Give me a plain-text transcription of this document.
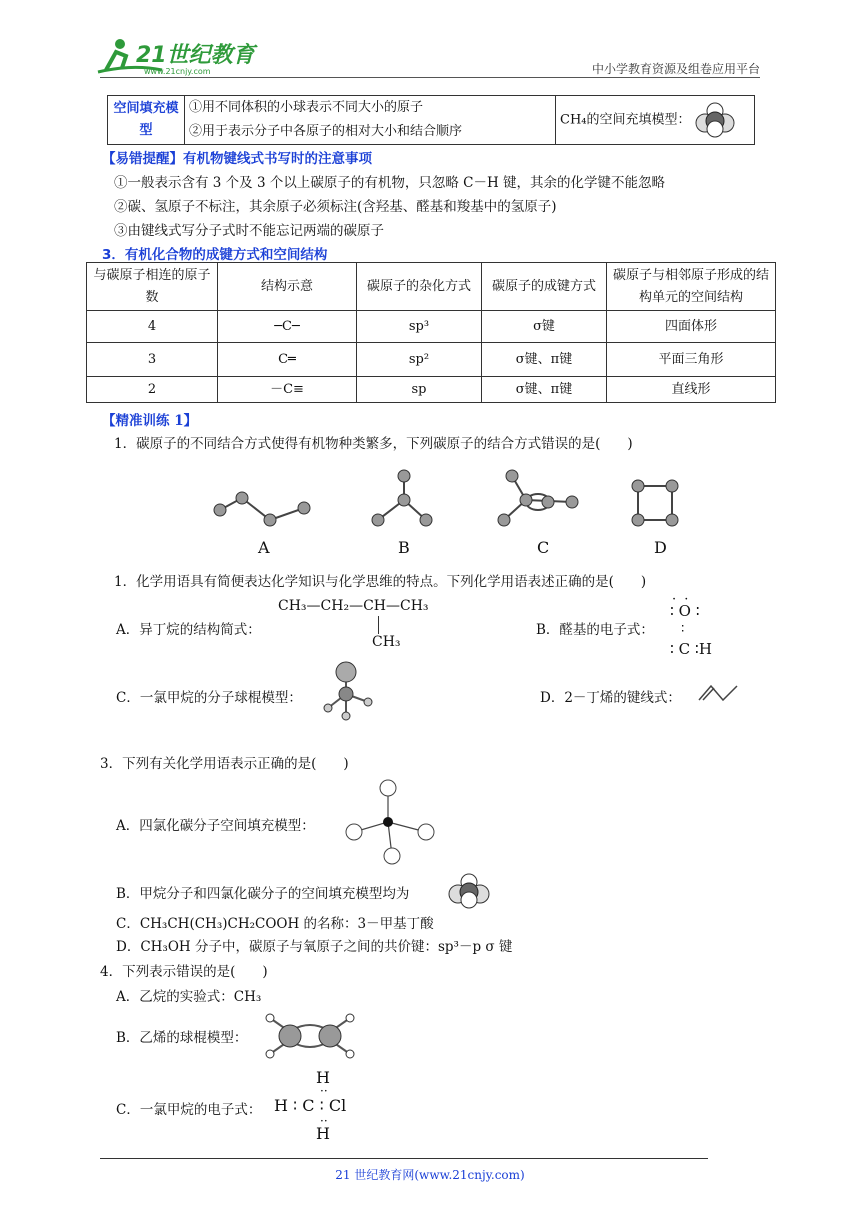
21世纪教育
www.21cnjy.com	中小学教育资源及组卷应用平台
空间填充模型	①用不同体积的小球表示不同大小的原子	CH₄的空间充填模型：

②用于表示分子中各原子的相对大小和结合顺序
【易错提醒】有机物键线式书写时的注意事项
①一般表示含有 3 个及 3 个以上碳原子的有机物，只忽略 C－H 键，其余的化学键不能忽略
②碳、氢原子不标注，其余原子必须标注(含羟基、醛基和羧基中的氢原子)
③由键线式写分子式时不能忘记两端的碳原子
3．有机化合物的成键方式和空间结构
与碳原子相连的原子数	结构示意	碳原子的杂化方式	碳原子的成键方式	碳原子与相邻原子形成的结构单元的空间结构
4	─C─	sp³	σ键	四面体形
3	C═	sp²	σ键、π键	平面三角形
2	－C≡	sp	σ键、π键	直线形
【精准训练 1】
1．碳原子的不同结合方式使得有机物种类繁多，下列碳原子的结合方式错误的是(　　)
A	B	C	D
1．化学用语具有简便表达化学知识与化学思维的特点。下列化学用语表述正确的是(　　)
A．异丁烷的结构简式：
CH₃—CH₂—CH—CH₃
CH₃
B．醛基的电子式：
· ·
∶ O ∶
∶
∶ C ∶H
C．一氯甲烷的分子球棍模型：	D．2－丁烯的键线式：
3．下列有关化学用语表示正确的是(　　)
A．四氯化碳分子空间填充模型：
B．甲烷分子和四氯化碳分子的空间填充模型均为
C．CH₃CH(CH₃)CH₂COOH 的名称：3－甲基丁酸
D．CH₃OH 分子中，碳原子与氧原子之间的共价键：sp³－p σ 键
4．下列表示错误的是(　　)
A．乙烷的实验式：CH₃
B．乙烯的球棍模型：
C．一氯甲烷的电子式：
H
··
H ∶ C ∶ Cl
··
H
21 世纪教育网(www.21cnjy.com)
